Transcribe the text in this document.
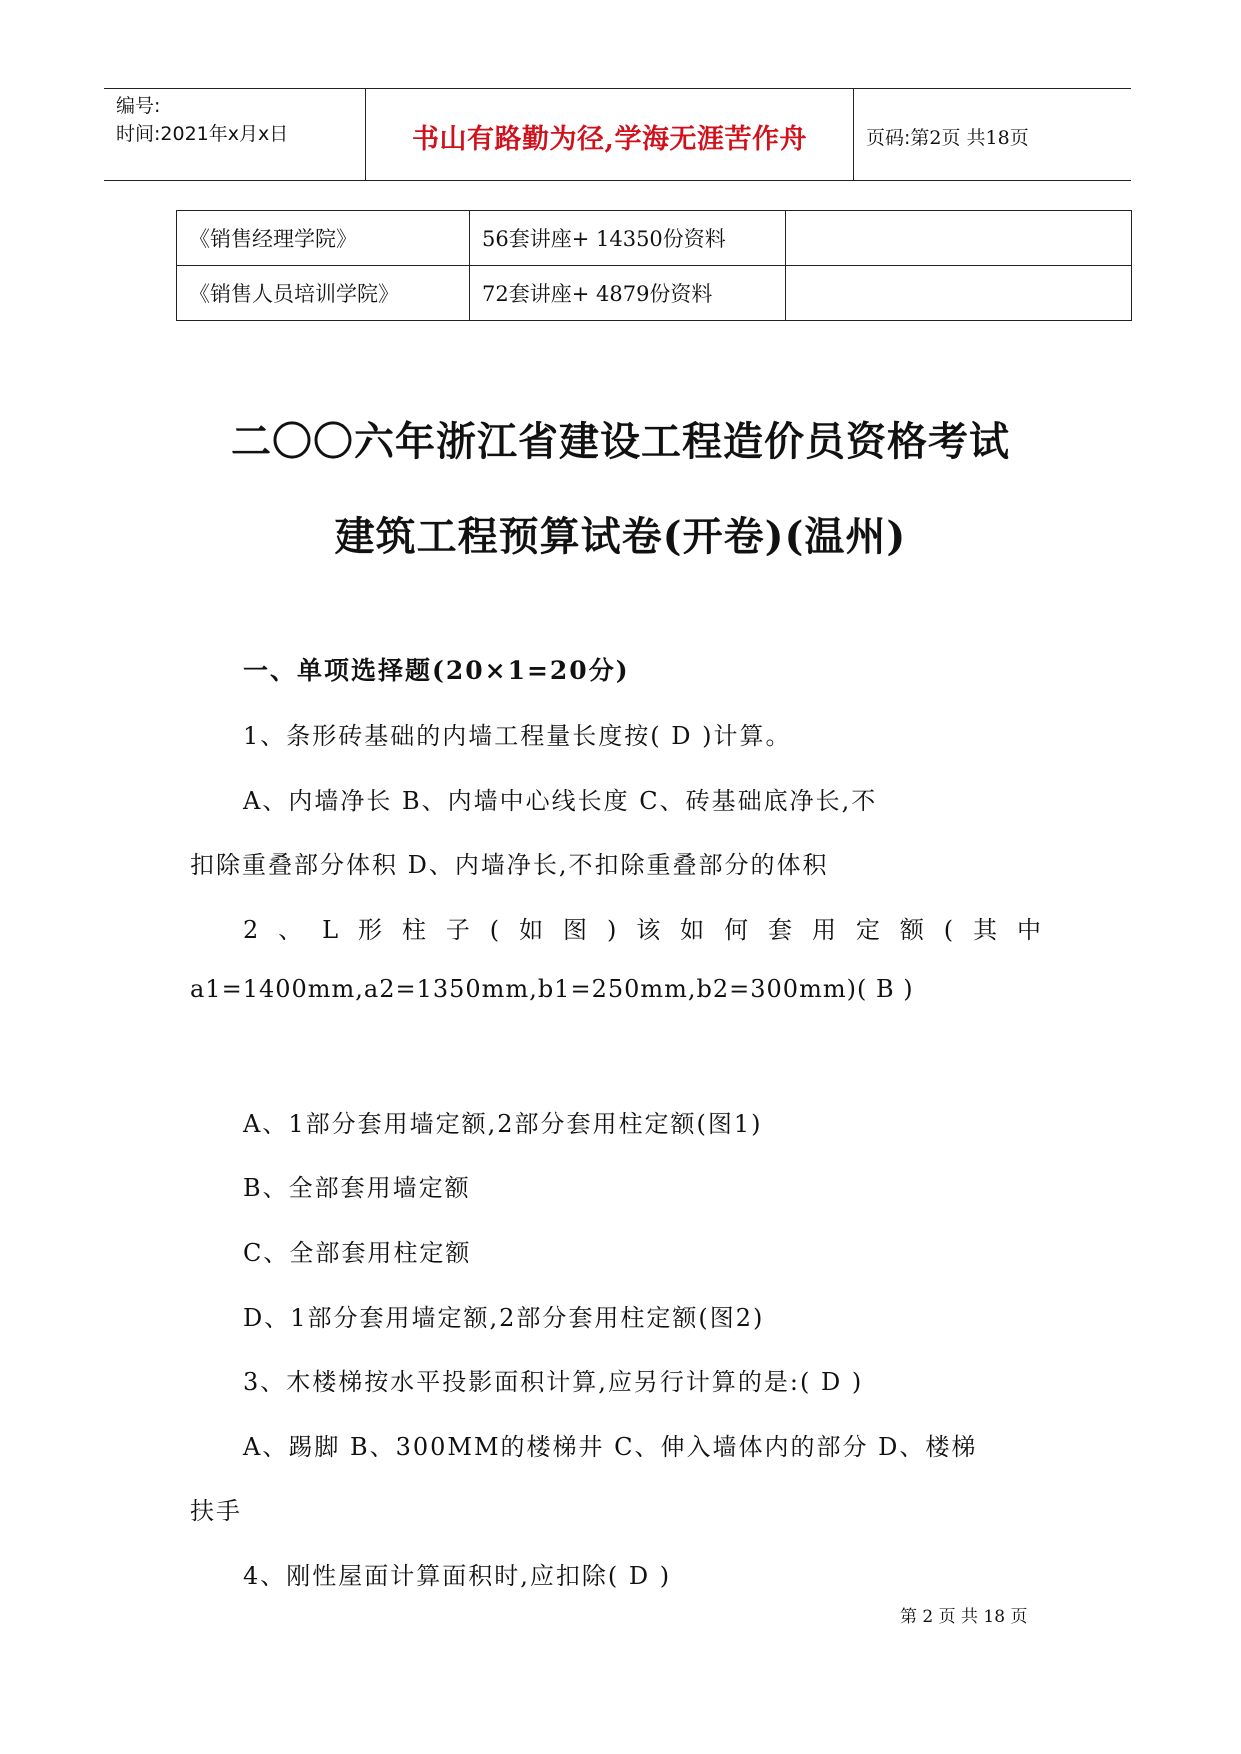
编号:
时间:2021年x月x日	书山有路勤为径,学海无涯苦作舟	页码:第2页 共18页
《销售经理学院》	56套讲座+ 14350份资料	
《销售人员培训学院》	72套讲座+ 4879份资料	
二〇〇六年浙江省建设工程造价员资格考试
建筑工程预算试卷(开卷)(温州)
一、单项选择题(20×1=20分)
1、条形砖基础的内墙工程量长度按( D )计算。
A、内墙净长 B、内墙中心线长度 C、砖基础底净长,不
扣除重叠部分体积 D、内墙净长,不扣除重叠部分的体积
2、L形柱子(如图)该如何套用定额(其中
a1=1400mm,a2=1350mm,b1=250mm,b2=300mm)( B )
A、1部分套用墙定额,2部分套用柱定额(图1)
B、全部套用墙定额
C、全部套用柱定额
D、1部分套用墙定额,2部分套用柱定额(图2)
3、木楼梯按水平投影面积计算,应另行计算的是:( D )
A、踢脚 B、300MM的楼梯井 C、伸入墙体内的部分 D、楼梯
扶手
4、刚性屋面计算面积时,应扣除( D )
第 2 页 共 18 页
